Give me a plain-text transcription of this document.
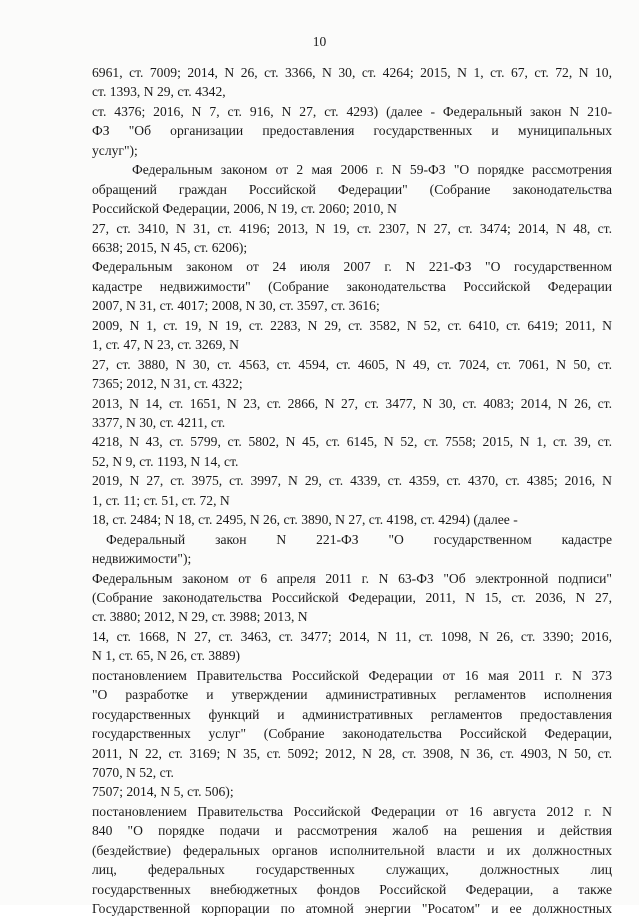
10
6961, ст. 7009; 2014, N 26, ст. 3366, N 30, ст. 4264; 2015, N 1, ст. 67, ст. 72, N 10,
ст. 1393, N 29, ст. 4342,
ст. 4376; 2016, N 7, ст. 916, N 27, ст. 4293) (далее - Федеральный закон N 210-
ФЗ "Об организации предоставления государственных и муниципальных
услуг");
Федеральным законом от 2 мая 2006 г. N 59-ФЗ "О порядке рассмотрения
обращений граждан Российской Федерации" (Собрание законодательства
Российской Федерации, 2006, N 19, ст. 2060; 2010, N
27, ст. 3410, N 31, ст. 4196; 2013, N 19, ст. 2307, N 27, ст. 3474; 2014, N 48, ст.
6638; 2015, N 45, ст. 6206);
Федеральным законом от 24 июля 2007 г. N 221-ФЗ "О государственном
кадастре недвижимости" (Собрание законодательства Российской Федерации
2007, N 31, ст. 4017; 2008, N 30, ст. 3597, ст. 3616;
2009, N 1, ст. 19, N 19, ст. 2283, N 29, ст. 3582, N 52, ст. 6410, ст. 6419; 2011, N
1, ст. 47, N 23, ст. 3269, N
27, ст. 3880, N 30, ст. 4563, ст. 4594, ст. 4605, N 49, ст. 7024, ст. 7061, N 50, ст.
7365; 2012, N 31, ст. 4322;
2013, N 14, ст. 1651, N 23, ст. 2866, N 27, ст. 3477, N 30, ст. 4083; 2014, N 26, ст.
3377, N 30, ст. 4211, ст.
4218, N 43, ст. 5799, ст. 5802, N 45, ст. 6145, N 52, ст. 7558; 2015, N 1, ст. 39, ст.
52, N 9, ст. 1193, N 14, ст.
2019, N 27, ст. 3975, ст. 3997, N 29, ст. 4339, ст. 4359, ст. 4370, ст. 4385; 2016, N
1, ст. 11; ст. 51, ст. 72, N
18, ст. 2484; N 18, ст. 2495, N 26, ст. 3890, N 27, ст. 4198, ст. 4294) (далее -
Федеральный закон N 221-ФЗ "О государственном кадастре
недвижимости");
Федеральным законом от 6 апреля 2011 г. N 63-ФЗ "Об электронной подписи"
(Собрание законодательства Российской Федерации, 2011, N 15, ст. 2036, N 27,
ст. 3880; 2012, N 29, ст. 3988; 2013, N
14, ст. 1668, N 27, ст. 3463, ст. 3477; 2014, N 11, ст. 1098, N 26, ст. 3390; 2016,
N 1, ст. 65, N 26, ст. 3889)
постановлением Правительства Российской Федерации от 16 мая 2011 г. N 373
"О разработке и утверждении административных регламентов исполнения
государственных функций и административных регламентов предоставления
государственных услуг" (Собрание законодательства Российской Федерации,
2011, N 22, ст. 3169; N 35, ст. 5092; 2012, N 28, ст. 3908, N 36, ст. 4903, N 50, ст.
7070, N 52, ст.
7507; 2014, N 5, ст. 506);
постановлением Правительства Российской Федерации от 16 августа 2012 г. N
840 "О порядке подачи и рассмотрения жалоб на решения и действия
(бездействие) федеральных органов исполнительной власти и их должностных
лиц, федеральных государственных служащих, должностных лиц
государственных внебюджетных фондов Российской Федерации, а также
Государственной корпорации по атомной энергии "Росатом" и ее должностных
